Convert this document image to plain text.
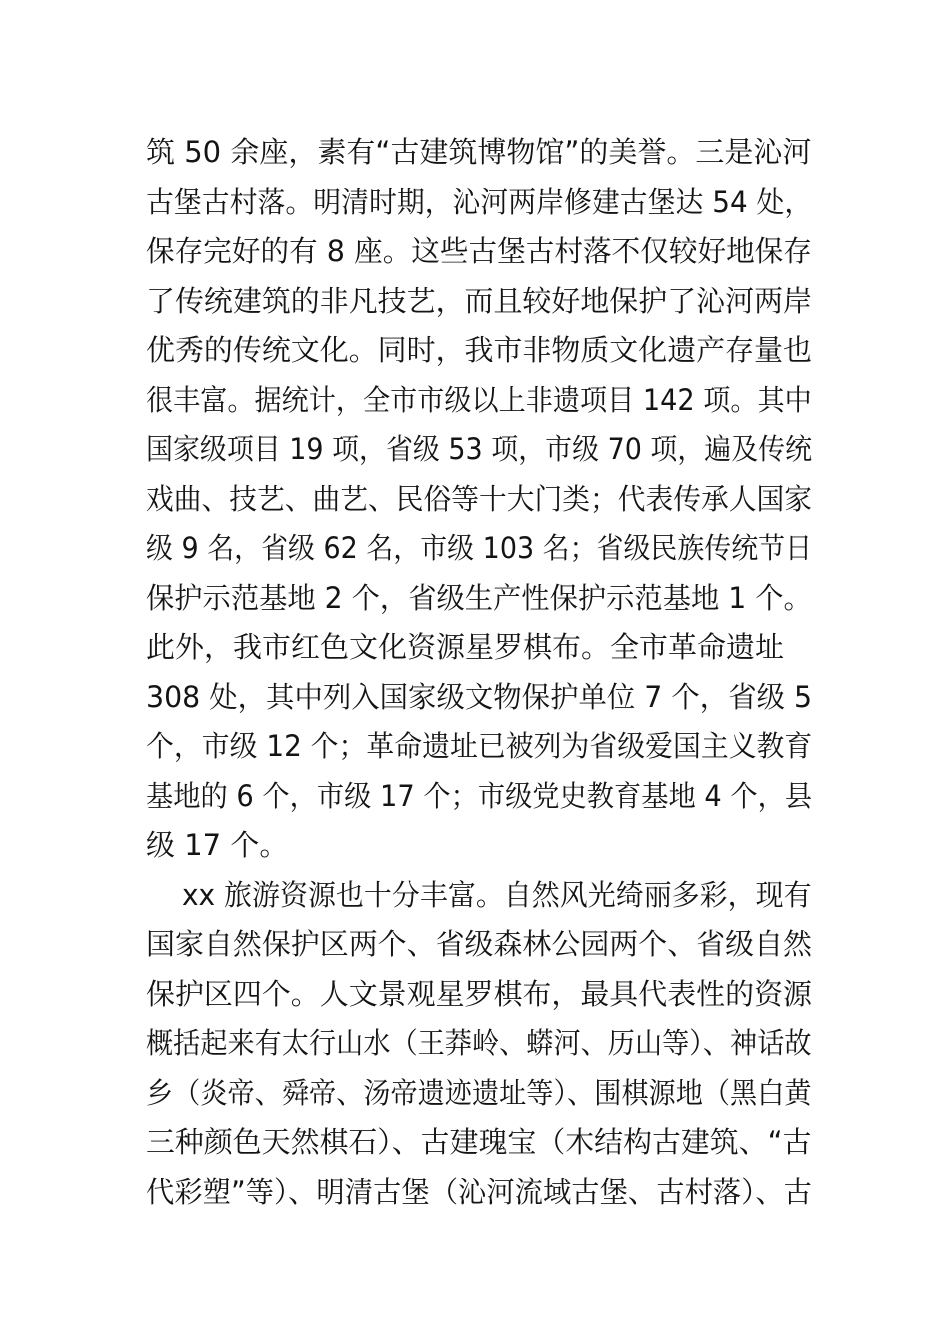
筑 50 余座，素有“古建筑博物馆”的美誉。三是沁河
古堡古村落。明清时期，沁河两岸修建古堡达 54 处，
保存完好的有 8 座。这些古堡古村落不仅较好地保存
了传统建筑的非凡技艺，而且较好地保护了沁河两岸
优秀的传统文化。同时，我市非物质文化遗产存量也
很丰富。据统计，全市市级以上非遗项目 142 项。其中
国家级项目 19 项，省级 53 项，市级 70 项，遍及传统
戏曲、技艺、曲艺、民俗等十大门类；代表传承人国家
级 9 名，省级 62 名，市级 103 名；省级民族传统节日
保护示范基地 2 个，省级生产性保护示范基地 1 个。
此外，我市红色文化资源星罗棋布。全市革命遗址
308 处，其中列入国家级文物保护单位 7 个，省级 5
个，市级 12 个；革命遗址已被列为省级爱国主义教育
基地的 6 个，市级 17 个；市级党史教育基地 4 个，县
级 17 个。
xx 旅游资源也十分丰富。自然风光绮丽多彩，现有
国家自然保护区两个、省级森林公园两个、省级自然
保护区四个。人文景观星罗棋布，最具代表性的资源
概括起来有太行山水（王莽岭、蟒河、历山等）、神话故
乡（炎帝、舜帝、汤帝遗迹遗址等）、围棋源地（黑白黄
三种颜色天然棋石）、古建瑰宝（木结构古建筑、“古
代彩塑”等）、明清古堡（沁河流域古堡、古村落）、古
